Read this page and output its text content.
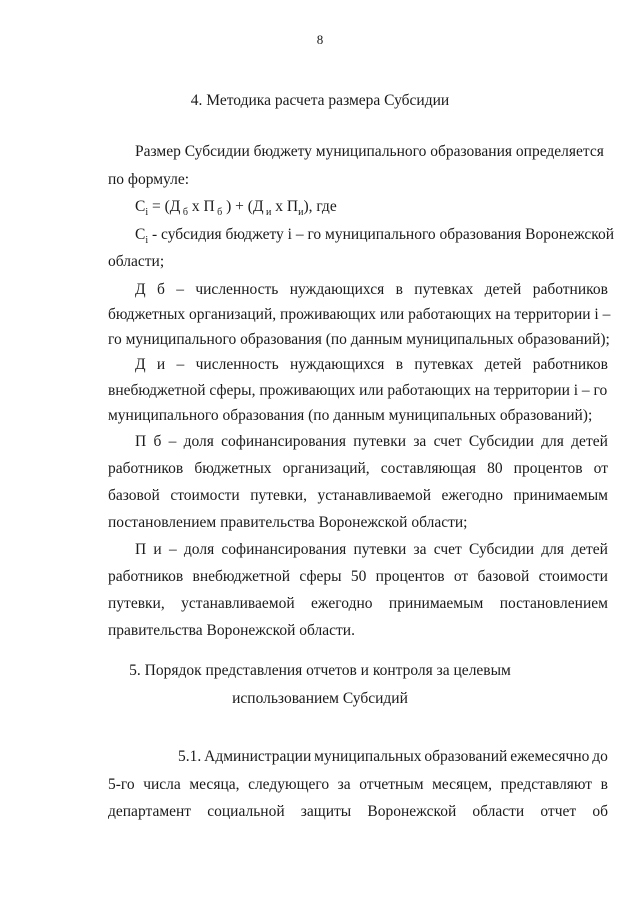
8
4. Методика расчета размера Субсидии
Размер Субсидии бюджету муниципального образования определяется
по формуле:
$C_i = (Д$ $_б$ x П $_б$ ) + (Д $_и$ x $П_и$), где
$C_i$ - субсидия бюджету i – го муниципального образования Воронежской
области;
Д б – численность нуждающихся в путевках детей работников
бюджетных организаций, проживающих или работающих на территории i –
го муниципального образования (по данным муниципальных образований);
Д и – численность нуждающихся в путевках детей работников
внебюджетной сферы, проживающих или работающих на территории i – го
муниципального образования (по данным муниципальных образований);
П б – доля софинансирования путевки за счет Субсидии для детей
работников бюджетных организаций, составляющая 80 процентов от
базовой стоимости путевки, устанавливаемой ежегодно принимаемым
постановлением правительства Воронежской области;
П и – доля софинансирования путевки за счет Субсидии для детей
работников внебюджетной сферы 50 процентов от базовой стоимости
путевки, устанавливаемой ежегодно принимаемым постановлением
правительства Воронежской области.
5. Порядок представления отчетов и контроля за целевым
использованием Субсидий
5.1. Администрации муниципальных образований ежемесячно до
5-го числа месяца, следующего за отчетным месяцем, представляют в
департамент социальной защиты Воронежской области отчет об
